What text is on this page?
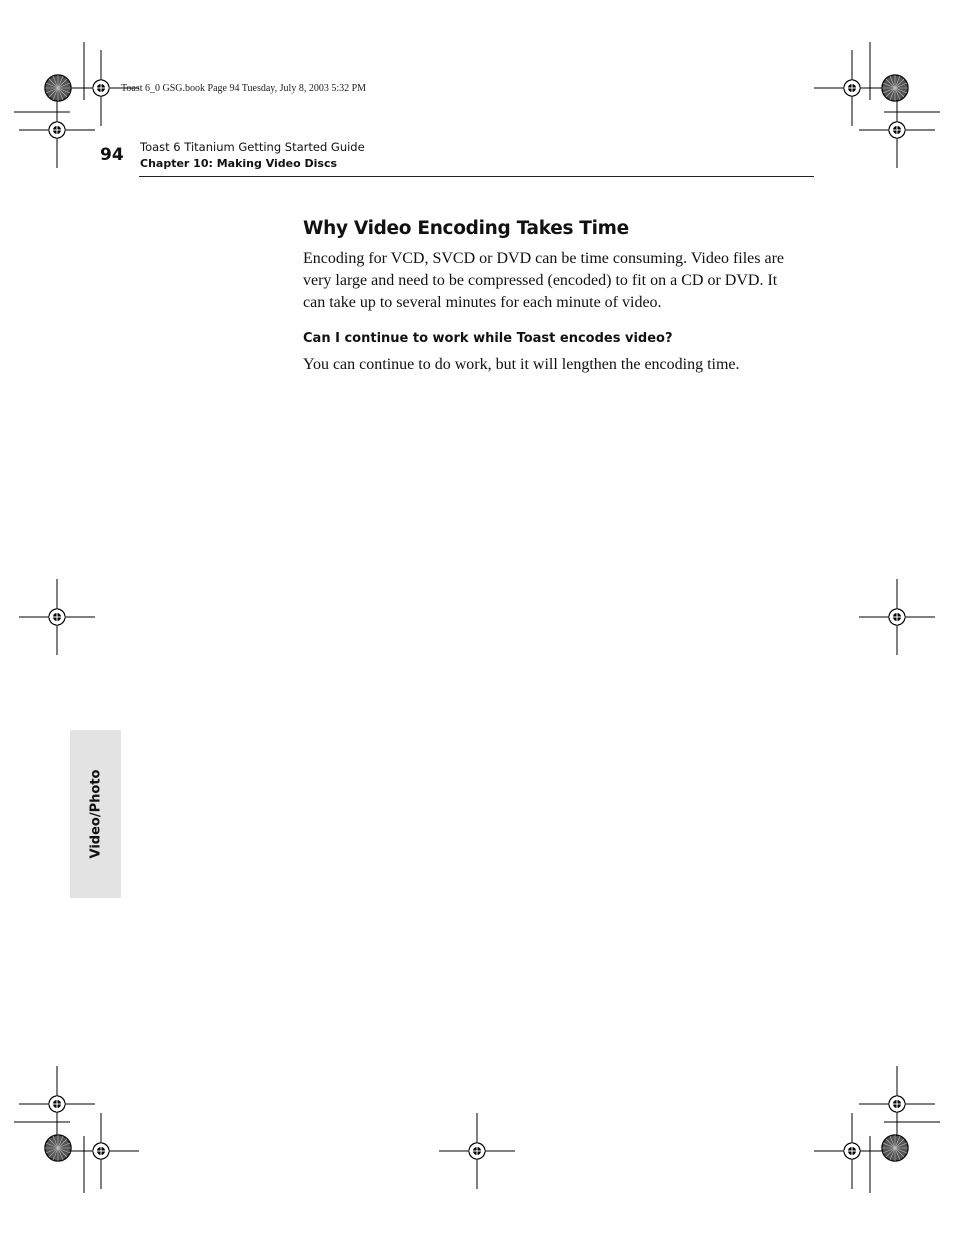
Toast 6_0 GSG.book Page 94 Tuesday, July 8, 2003 5:32 PM
94 Toast 6 Titanium Getting Started Guide
Chapter 10: Making Video Discs
Why Video Encoding Takes Time
Encoding for VCD, SVCD or DVD can be time consuming. Video files are
very large and need to be compressed (encoded) to fit on a CD or DVD. It
can take up to several minutes for each minute of video.
Can I continue to work while Toast encodes video?
You can continue to do work, but it will lengthen the encoding time.
Video/Photo
